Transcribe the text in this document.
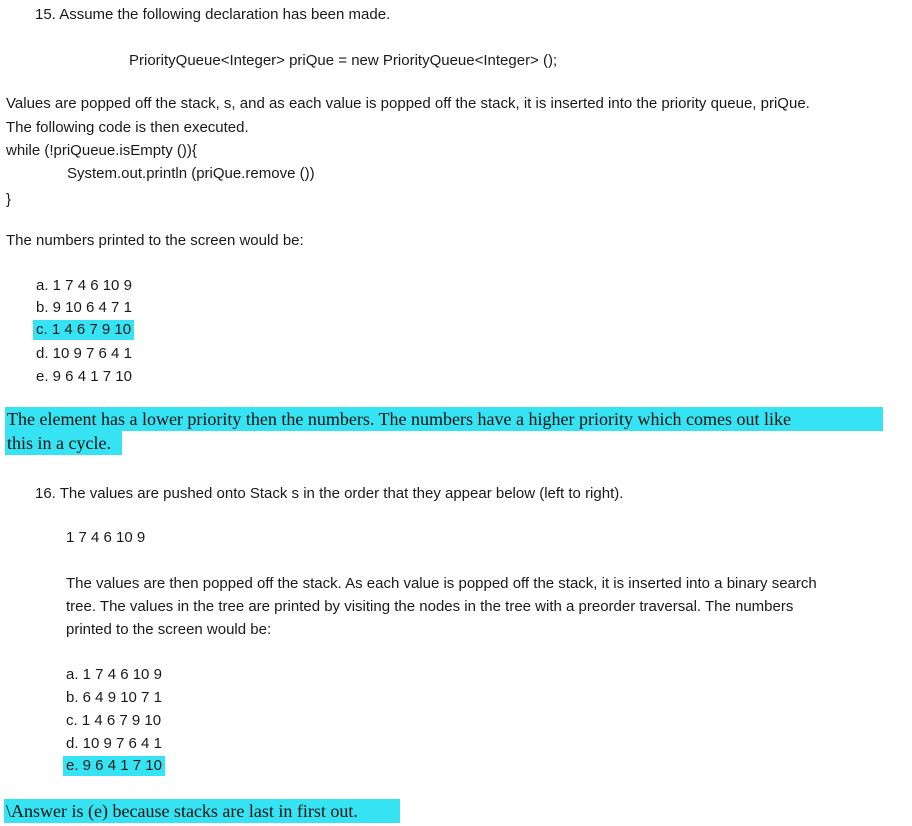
15. Assume the following declaration has been made.
PriorityQueue<Integer> priQue = new PriorityQueue<Integer> ();
Values are popped off the stack, s, and as each value is popped off the stack, it is inserted into the priority queue, priQue.
The following code is then executed.
while (!priQueue.isEmpty ()){
System.out.println (priQue.remove ())
}
The numbers printed to the screen would be:
a. 1 7 4 6 10 9
b. 9 10 6 4 7 1
c. 1 4 6 7 9 10
d. 10 9 7 6 4 1
e. 9 6 4 1 7 10
The element has a lower priority then the numbers. The numbers have a higher priority which comes out like
this in a cycle.
16. The values are pushed onto Stack s in the order that they appear below (left to right).
1 7 4 6 10 9
The values are then popped off the stack. As each value is popped off the stack, it is inserted into a binary search
tree. The values in the tree are printed by visiting the nodes in the tree with a preorder traversal. The numbers
printed to the screen would be:
a. 1 7 4 6 10 9
b. 6 4 9 10 7 1
c. 1 4 6 7 9 10
d. 10 9 7 6 4 1
e. 9 6 4 1 7 10
\Answer is (e) because stacks are last in first out.
